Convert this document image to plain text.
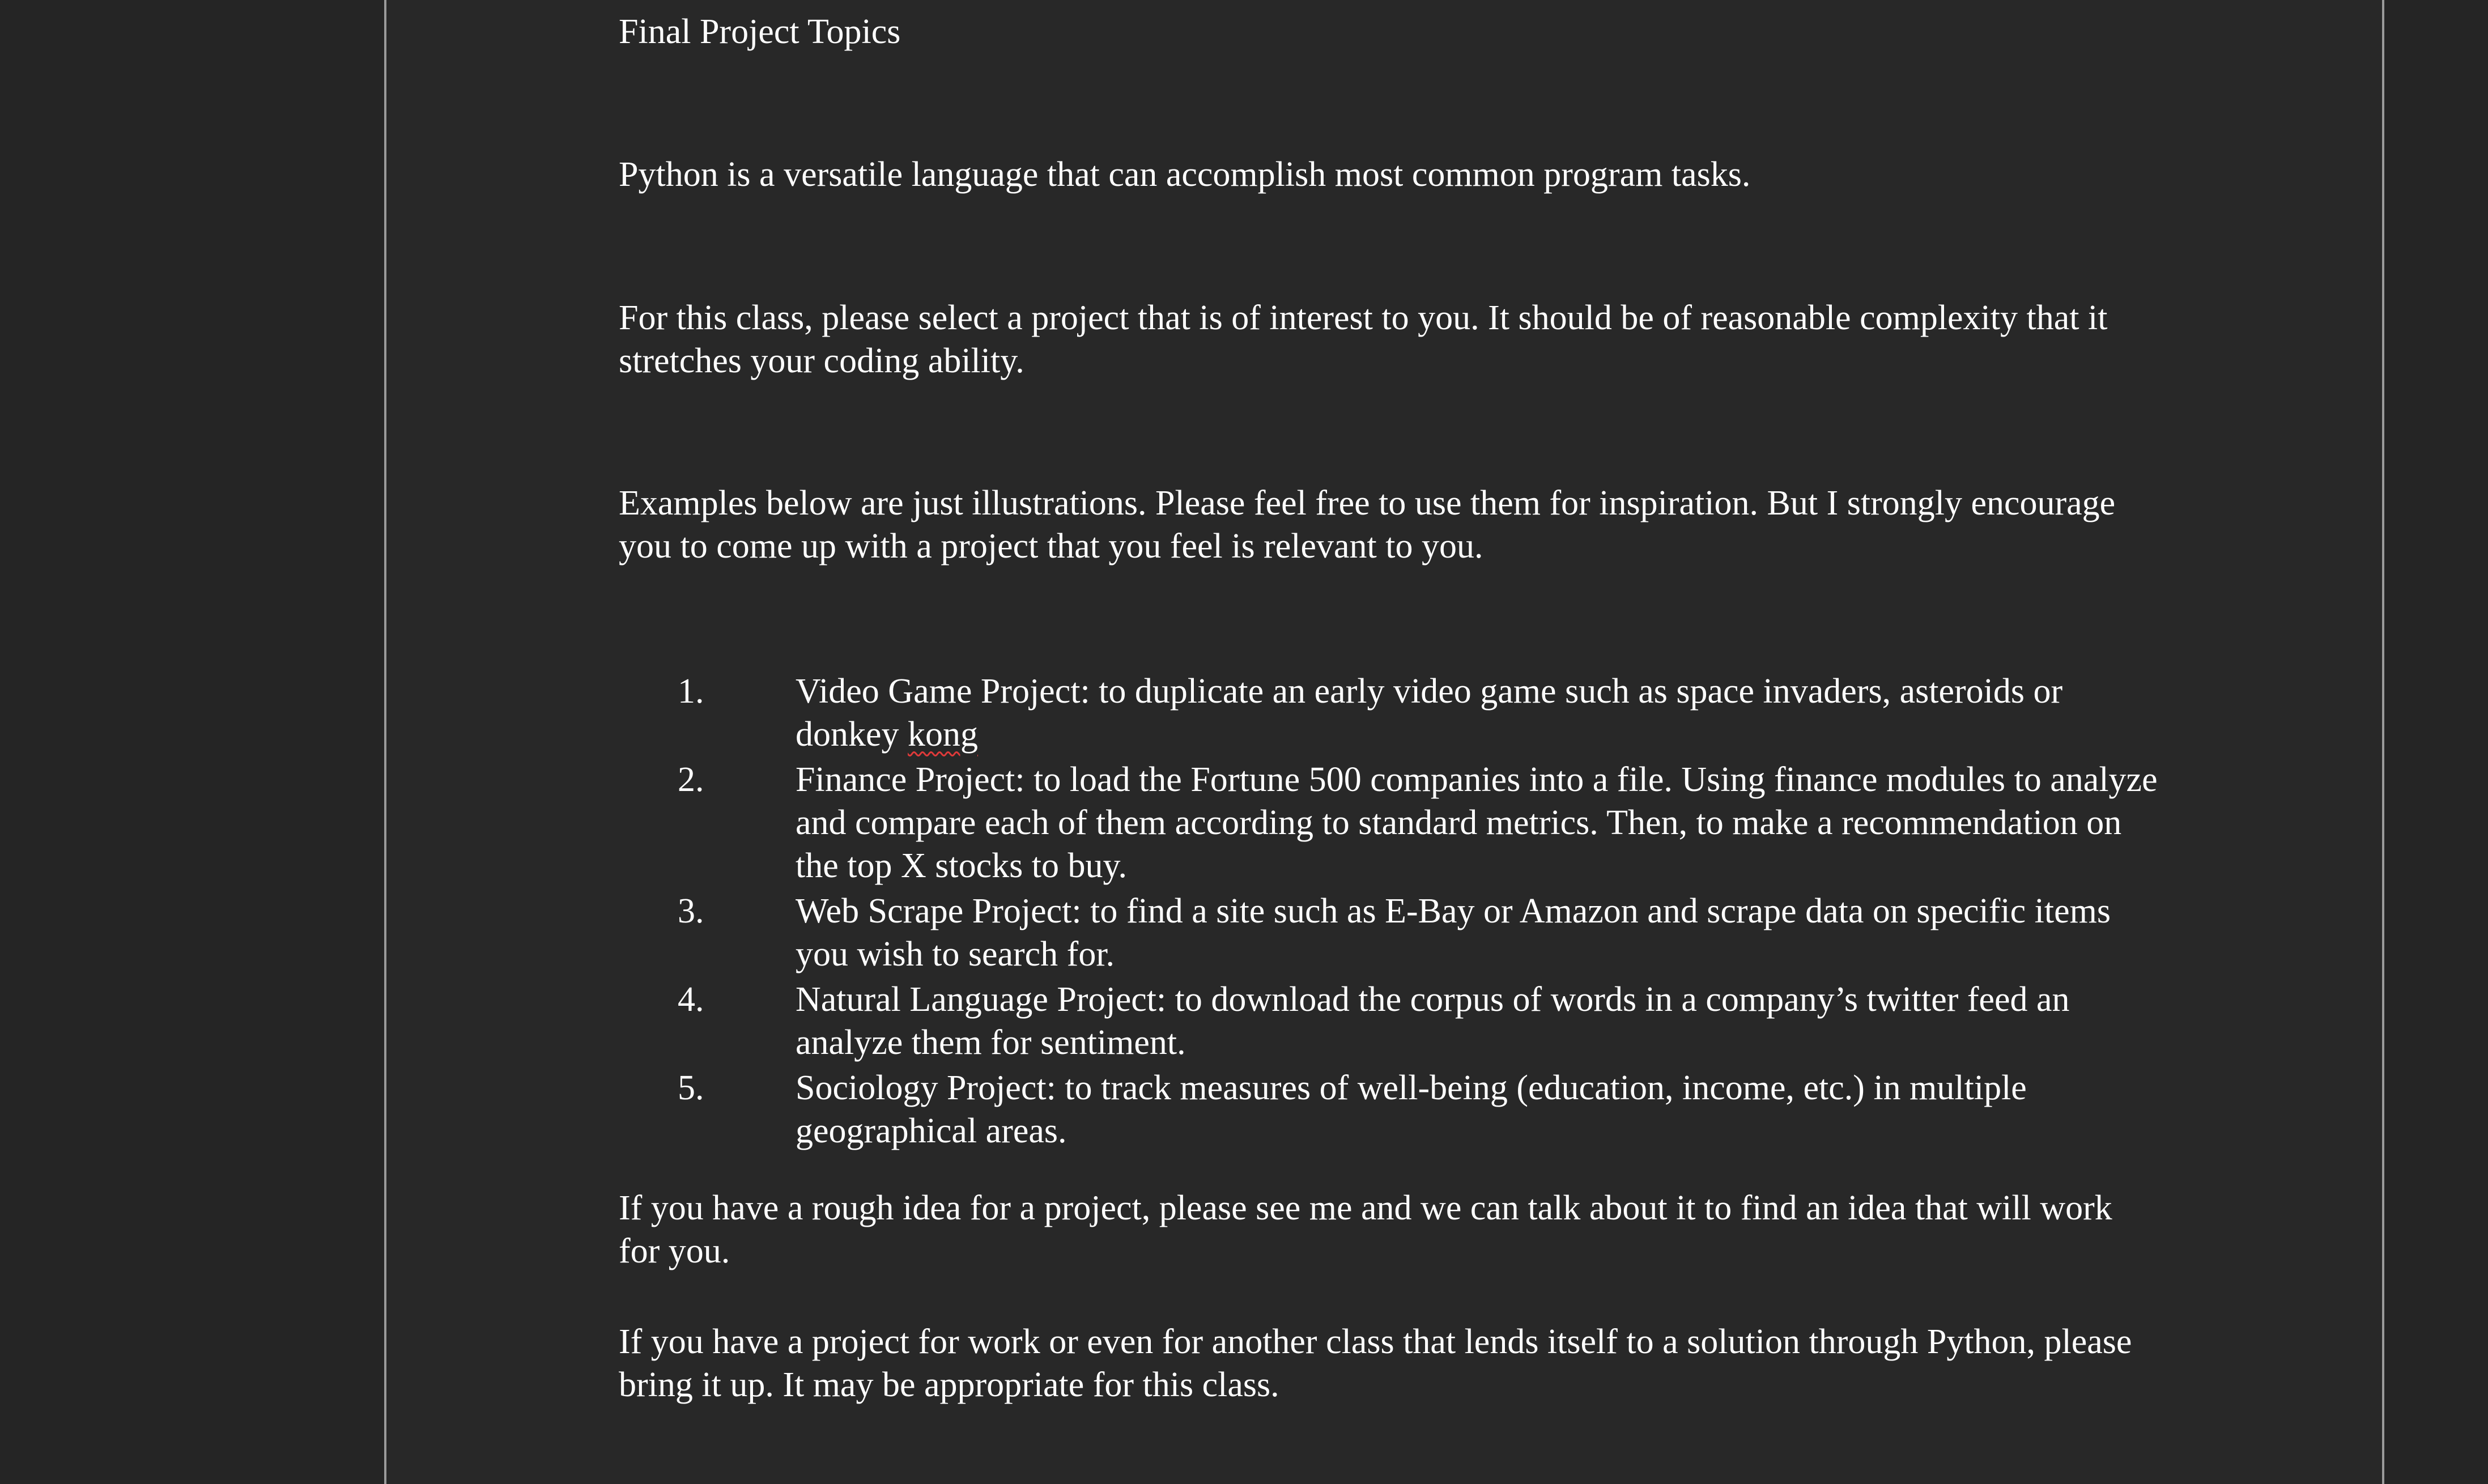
Final Project Topics

Python is a versatile language that can accomplish most common program tasks.

For this class, please select a project that is of interest to you. It should be of reasonable complexity that it stretches your coding ability.

Examples below are just illustrations. Please feel free to use them for inspiration. But I strongly encourage you to come up with a project that you feel is relevant to you.

1.	Video Game Project: to duplicate an early video game such as space invaders, asteroids or donkey kong
2.	Finance Project: to load the Fortune 500 companies into a file. Using finance modules to analyze and compare each of them according to standard metrics. Then, to make a recommendation on the top X stocks to buy.
3.	Web Scrape Project: to find a site such as E-Bay or Amazon and scrape data on specific items you wish to search for.
4.	Natural Language Project: to download the corpus of words in a company’s twitter feed an analyze them for sentiment.
5.	Sociology Project: to track measures of well-being (education, income, etc.) in multiple geographical areas.

If you have a rough idea for a project, please see me and we can talk about it to find an idea that will work for you.

If you have a project for work or even for another class that lends itself to a solution through Python, please bring it up. It may be appropriate for this class.
